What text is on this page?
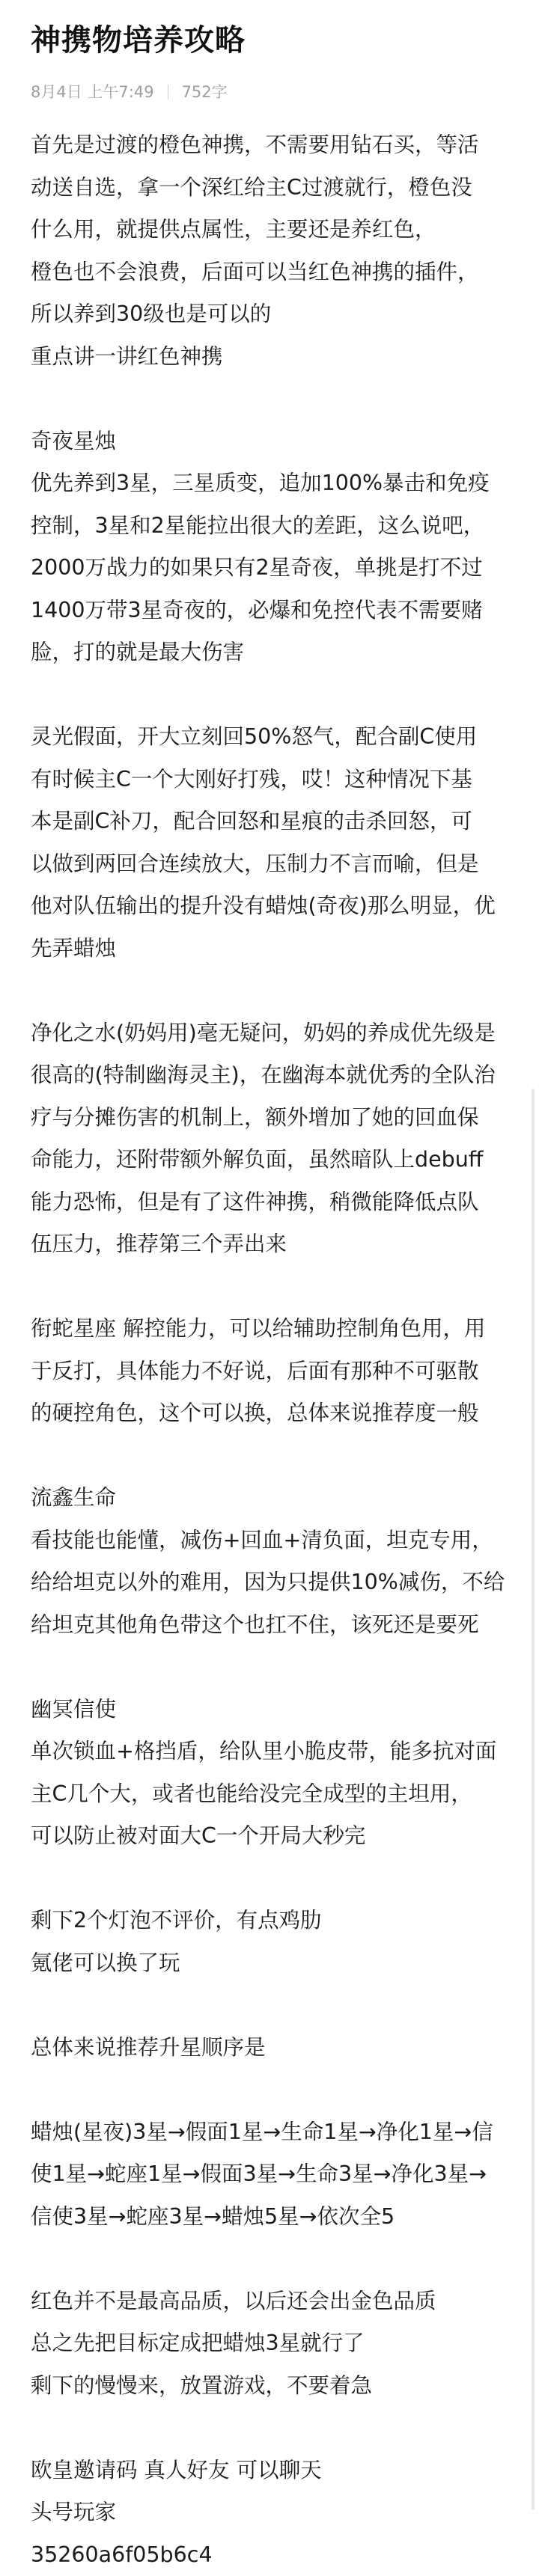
神携物培养攻略
8月4日 上午7:49 752字

首先是过渡的橙色神携，不需要用钻石买，等活
动送自选，拿一个深红给主C过渡就行，橙色没
什么用，就提供点属性，主要还是养红色，
橙色也不会浪费，后面可以当红色神携的插件，
所以养到30级也是可以的
重点讲一讲红色神携

奇夜星烛
优先养到3星，三星质变，追加100%暴击和免疫
控制，3星和2星能拉出很大的差距，这么说吧，
2000万战力的如果只有2星奇夜，单挑是打不过
1400万带3星奇夜的，必爆和免控代表不需要赌
脸，打的就是最大伤害

灵光假面，开大立刻回50%怒气，配合副C使用
有时候主C一个大刚好打残，哎！这种情况下基
本是副C补刀，配合回怒和星痕的击杀回怒，可
以做到两回合连续放大，压制力不言而喻，但是
他对队伍输出的提升没有蜡烛(奇夜)那么明显，优
先弄蜡烛

净化之水(奶妈用)毫无疑问，奶妈的养成优先级是
很高的(特制幽海灵主)，在幽海本就优秀的全队治
疗与分摊伤害的机制上，额外增加了她的回血保
命能力，还附带额外解负面，虽然暗队上debuff
能力恐怖，但是有了这件神携，稍微能降低点队
伍压力，推荐第三个弄出来

衔蛇星座 解控能力，可以给辅助控制角色用，用
于反打，具体能力不好说，后面有那种不可驱散
的硬控角色，这个可以换，总体来说推荐度一般

流鑫生命
看技能也能懂，减伤+回血+清负面，坦克专用，
给给坦克以外的难用，因为只提供10%减伤，不给
给坦克其他角色带这个也扛不住，该死还是要死

幽冥信使
单次锁血+格挡盾，给队里小脆皮带，能多抗对面
主C几个大，或者也能给没完全成型的主坦用，
可以防止被对面大C一个开局大秒完

剩下2个灯泡不评价，有点鸡肋
氪佬可以换了玩

总体来说推荐升星顺序是

蜡烛(星夜)3星→假面1星→生命1星→净化1星→信
使1星→蛇座1星→假面3星→生命3星→净化3星→
信使3星→蛇座3星→蜡烛5星→依次全5

红色并不是最高品质，以后还会出金色品质
总之先把目标定成把蜡烛3星就行了
剩下的慢慢来，放置游戏，不要着急

欧皇邀请码 真人好友 可以聊天
头号玩家
35260a6f05b6c4
